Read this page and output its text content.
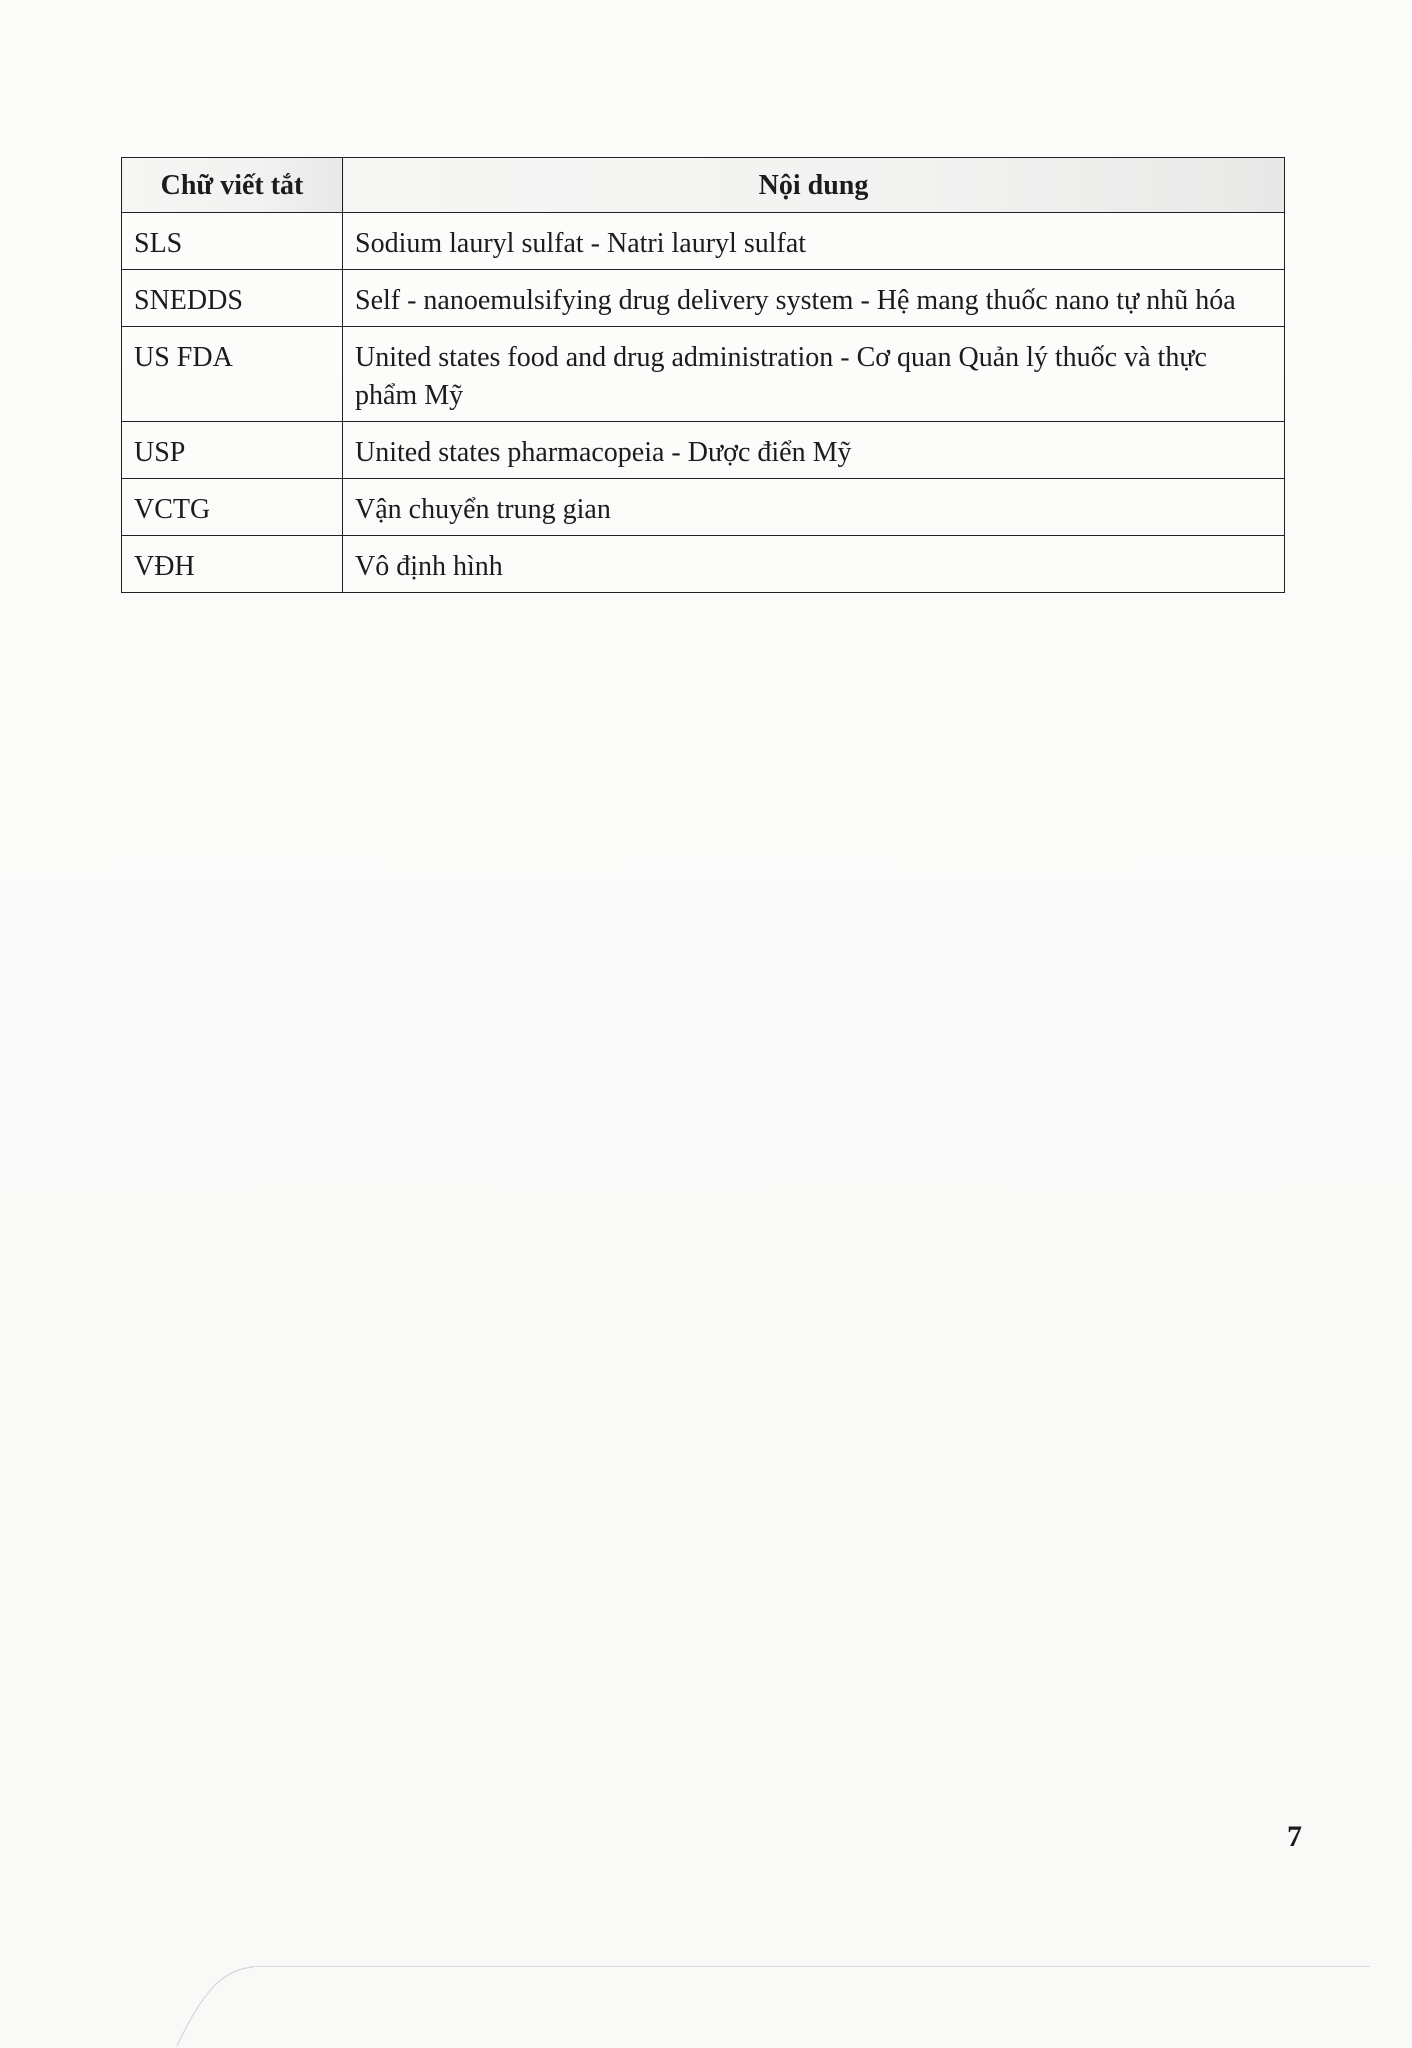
Chữ viết tắt	Nội dung
SLS	Sodium lauryl sulfat - Natri lauryl sulfat
SNEDDS	Self - nanoemulsifying drug delivery system - Hệ mang thuốc nano tự nhũ hóa
US FDA	United states food and drug administration - Cơ quan Quản lý thuốc và thực phẩm Mỹ
USP	United states pharmacopeia - Dược điển Mỹ
VCTG	Vận chuyển trung gian
VĐH	Vô định hình
7
